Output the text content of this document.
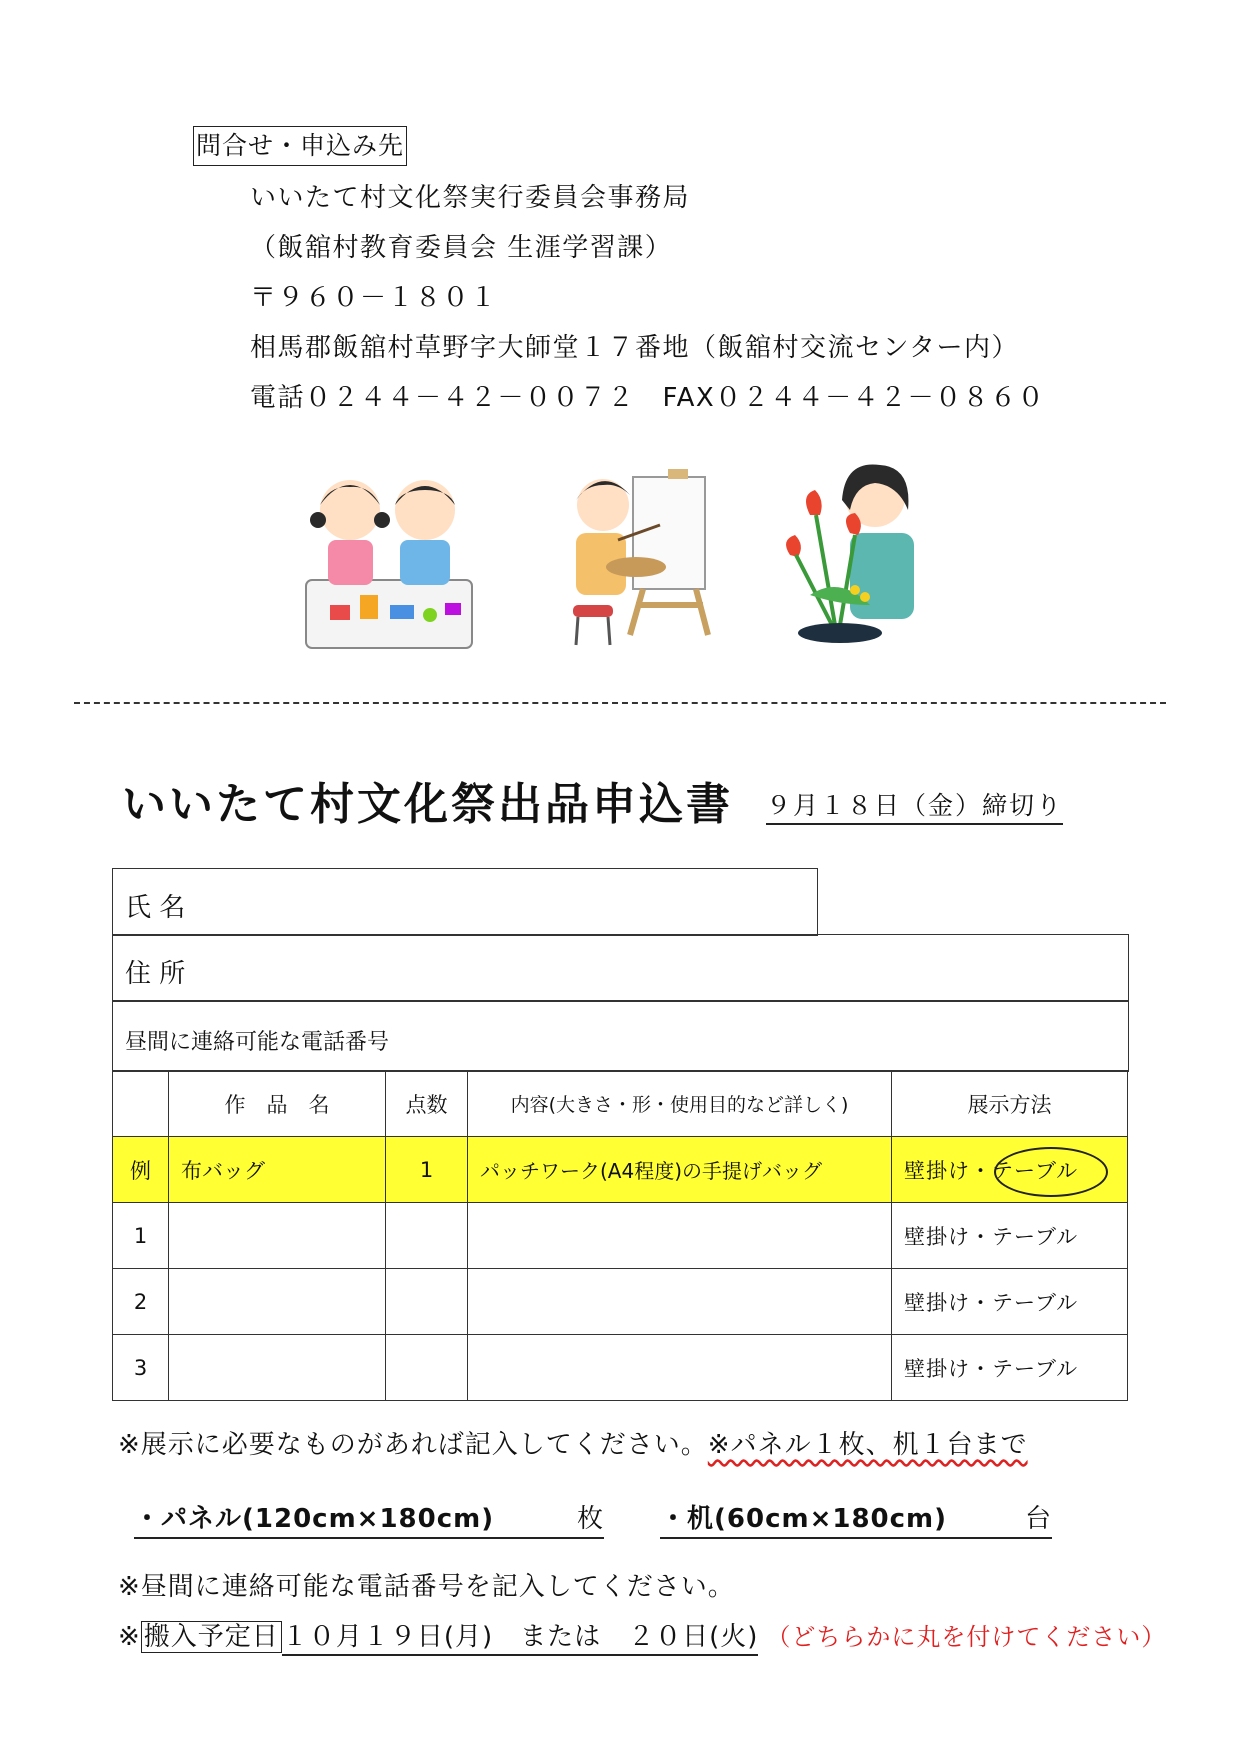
問合せ・申込み先
いいたて村文化祭実行委員会事務局
（飯舘村教育委員会 生涯学習課）
〒９６０－１８０１
相馬郡飯舘村草野字大師堂１７番地（飯舘村交流センター内）
電話０２４４－４２－００７２　FAX０２４４－４２－０８６０
いいたて村文化祭出品申込書 ９月１８日（金）締切り
氏 名
住 所
昼間に連絡可能な電話番号
	作　品　名	点数	内容(大きさ・形・使用目的など詳しく)	展示方法
例	布バッグ	1	パッチワーク(A4程度)の手提げバッグ	壁掛け・テーブル

1				壁掛け・テーブル
2				壁掛け・テーブル
3				壁掛け・テーブル
※展示に必要なものがあれば記入してください。※パネル１枚、机１台まで
・パネル(120cm×180cm)	枚 ・机(60cm×180cm)	台
※昼間に連絡可能な電話番号を記入してください。
※ 搬入予定日 １０月１９日(月)　または　２０日(火) （どちらかに丸を付けてください）
